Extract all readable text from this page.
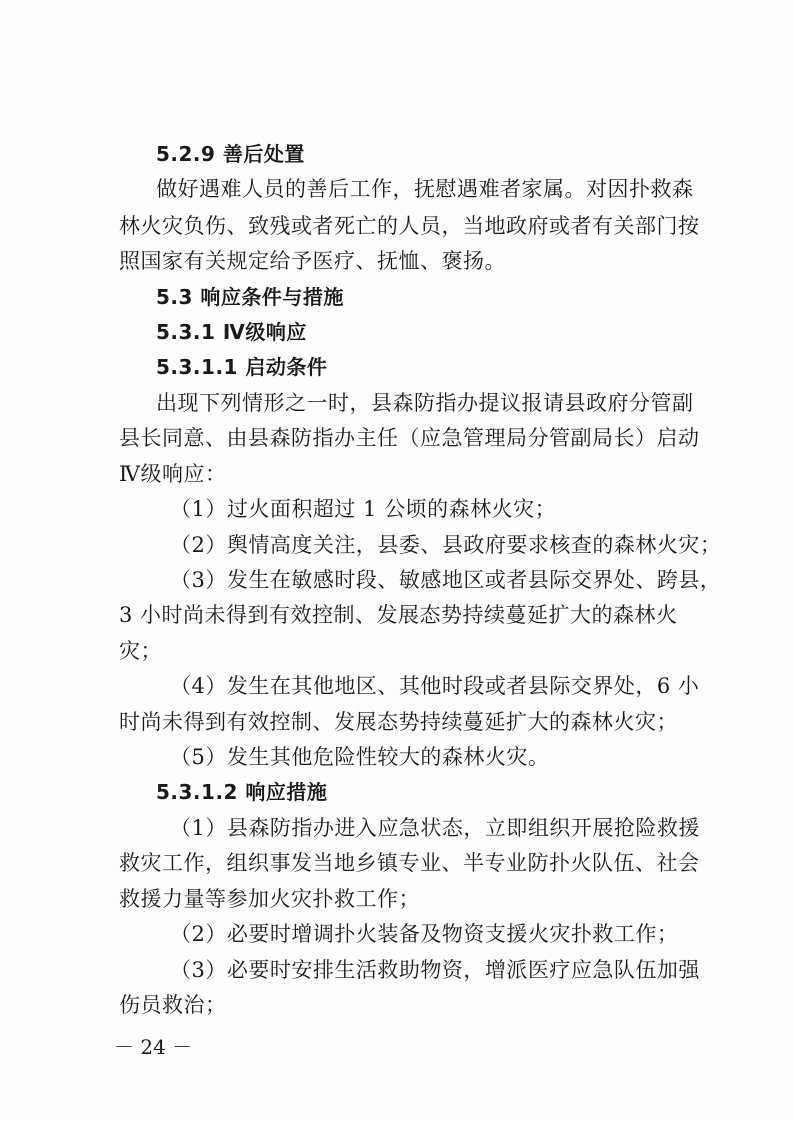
5.2.9 善后处置
做好遇难人员的善后工作，抚慰遇难者家属。对因扑救森
林火灾负伤、致残或者死亡的人员，当地政府或者有关部门按
照国家有关规定给予医疗、抚恤、褒扬。
5.3 响应条件与措施
5.3.1 Ⅳ级响应
5.3.1.1 启动条件
出现下列情形之一时，县森防指办提议报请县政府分管副
县长同意、由县森防指办主任（应急管理局分管副局长）启动
Ⅳ级响应：
（1）过火面积超过 1 公顷的森林火灾；
（2）舆情高度关注，县委、县政府要求核查的森林火灾；
（3）发生在敏感时段、敏感地区或者县际交界处、跨县，
3 小时尚未得到有效控制、发展态势持续蔓延扩大的森林火
灾；
（4）发生在其他地区、其他时段或者县际交界处，6 小
时尚未得到有效控制、发展态势持续蔓延扩大的森林火灾；
（5）发生其他危险性较大的森林火灾。
5.3.1.2 响应措施
（1）县森防指办进入应急状态，立即组织开展抢险救援
救灾工作，组织事发当地乡镇专业、半专业防扑火队伍、社会
救援力量等参加火灾扑救工作；
（2）必要时增调扑火装备及物资支援火灾扑救工作；
（3）必要时安排生活救助物资，增派医疗应急队伍加强
伤员救治；
－ 24 －
